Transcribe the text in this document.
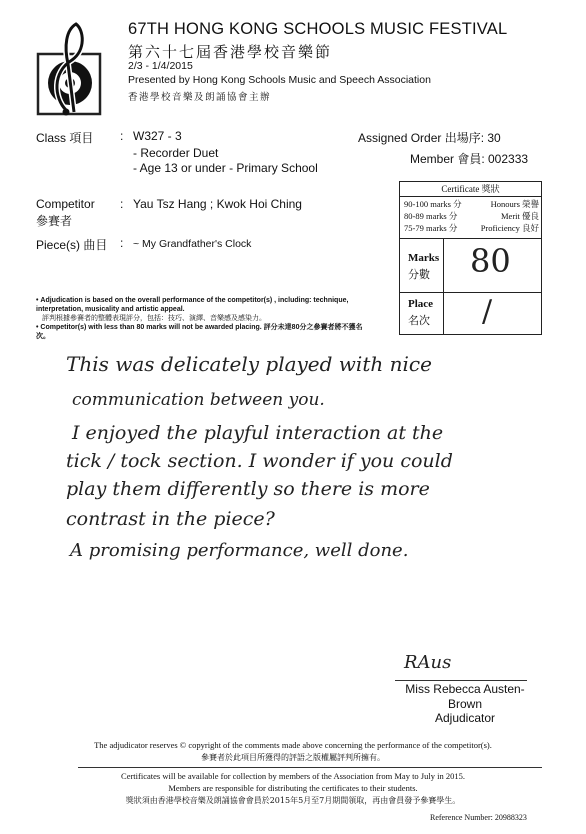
67TH HONG KONG SCHOOLS MUSIC FESTIVAL
第六十七屆香港學校音樂節
2/3 - 1/4/2015
Presented by Hong Kong Schools Music and Speech Association
香港學校音樂及朗誦協會主辦
Class 項目 : W327 - 3
- Recorder Duet
- Age 13 or under - Primary School
Assigned Order 出場序: 30
Member 會員: 002333
Competitor
參賽者
: Yau Tsz Hang ; Kwok Hoi Ching
Piece(s) 曲目 : ~ My Grandfather's Clock
Certificate 獎狀
90-100 marks 分	Honours 榮譽
80-89 marks 分	Merit 優良
75-79 marks 分	Proficiency 良好
Marks
分數 80
Place
名次 /
• Adjudication is based on the overall performance of the competitor(s) , including: technique, interpretation, musicality and artistic appeal.
評判根據參賽者的整體表現評分，包括：技巧、演繹、音樂感及感染力。
• Competitor(s) with less than 80 marks will not be awarded placing. 評分未達80分之參賽者將不獲名次。
This was delicately played with nice
communication between you.
I enjoyed the playful interaction at the
tick / tock section. I wonder if you could
play them differently so there is more
contrast in the piece?
A promising performance, well done.
RAus
Miss Rebecca Austen-Brown
Adjudicator
The adjudicator reserves © copyright of the comments made above concerning the performance of the competitor(s).
參賽者於此項目所獲得的評語之版權屬評判所擁有。
Certificates will be available for collection by members of the Association from May to July in 2015.
Members are responsible for distributing the certificates to their students.
獎狀須由香港學校音樂及朗誦協會會員於2015年5月至7月期間領取，再由會員發予參賽學生。
Reference Number: 20988323
